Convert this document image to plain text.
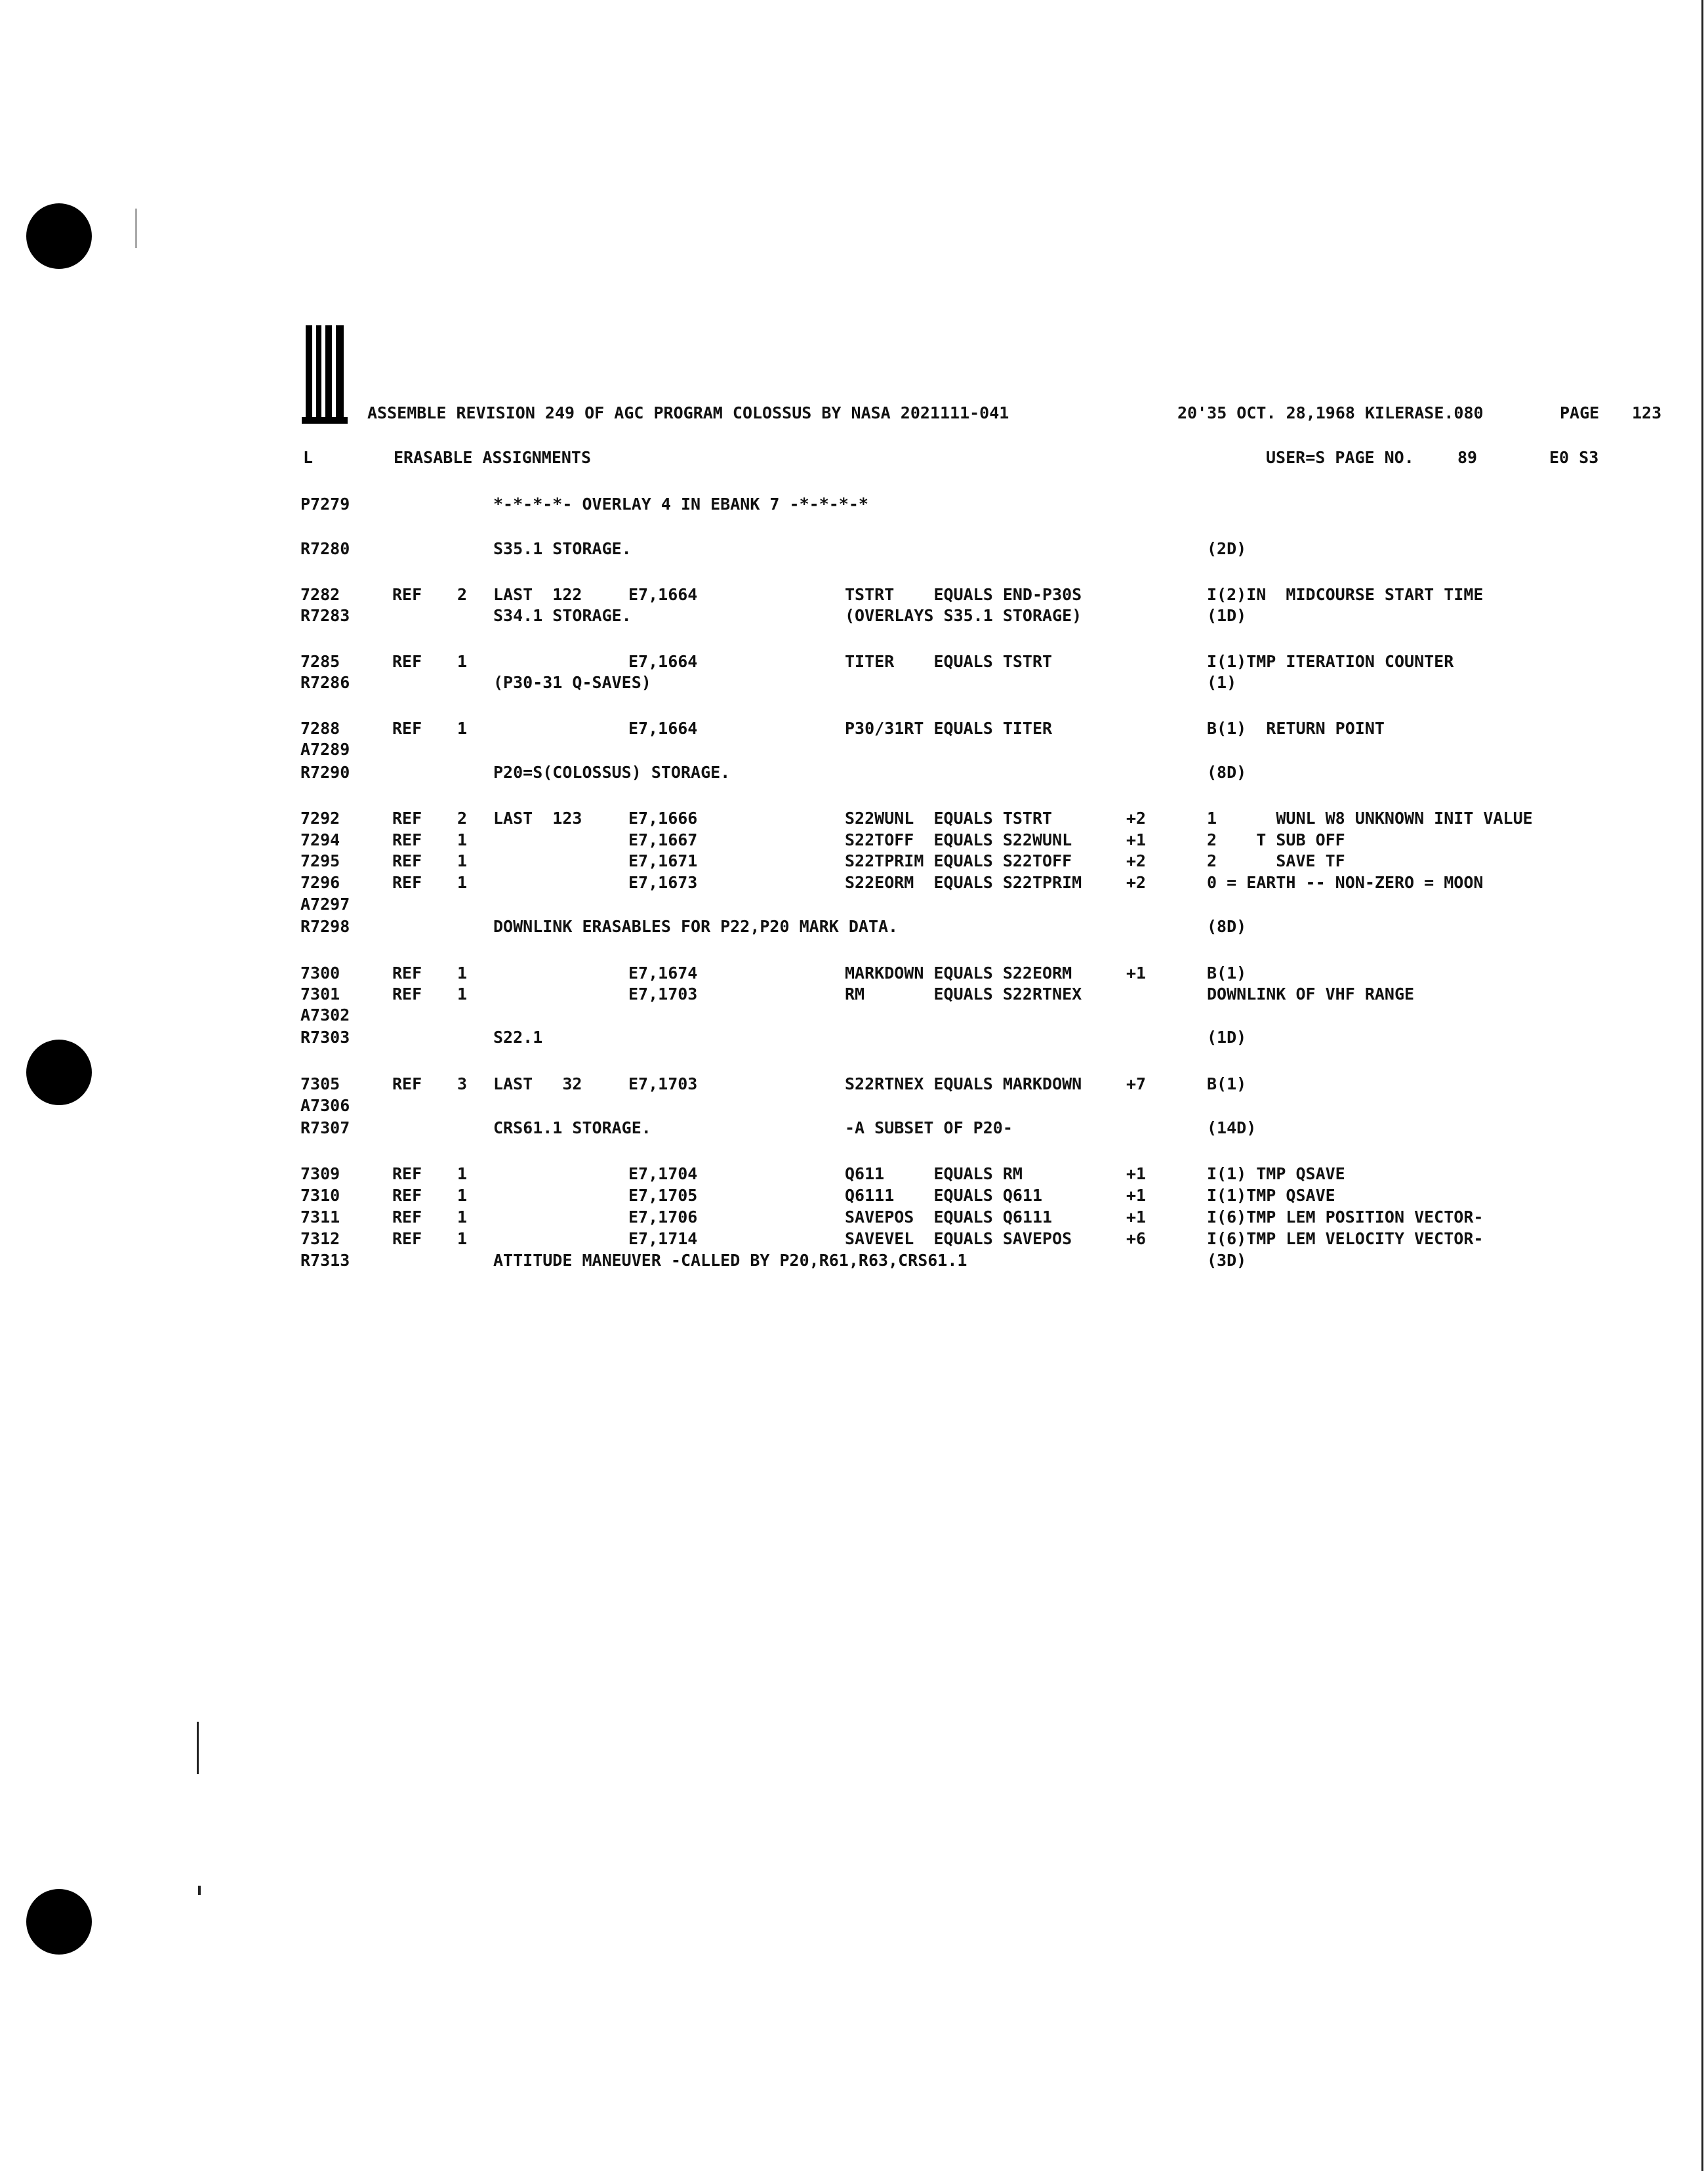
ASSEMBLE REVISION 249 OF AGC PROGRAM COLOSSUS BY NASA 2021111-041	20'35 OCT. 28,1968 KILERASE.080	PAGE 123
L	ERASABLE ASSIGNMENTS	USER=S PAGE NO.	89	E0 S3
P7279	*-*-*-*- OVERLAY 4 IN EBANK 7 -*-*-*-*
R7280	S35.1 STORAGE.	(2D)
7282	REF 2 LAST  122	E7,1664	TSTRT    EQUALS END-P30S	I(2)IN  MIDCOURSE START TIME
R7283	S34.1 STORAGE.	(OVERLAYS S35.1 STORAGE)	(1D)
7285	REF 1	E7,1664	TITER    EQUALS TSTRT	I(1)TMP ITERATION COUNTER
R7286	(P30-31 Q-SAVES)	(1)
7288	REF 1	E7,1664	P30/31RT EQUALS TITER	B(1)  RETURN POINT
A7289
R7290	P20=S(COLOSSUS) STORAGE.	(8D)
7292	REF 2 LAST  123	E7,1666	S22WUNL  EQUALS TSTRT	+2	1      WUNL W8 UNKNOWN INIT VALUE
7294	REF 1	E7,1667	S22TOFF  EQUALS S22WUNL	+1	2    T SUB OFF
7295	REF 1	E7,1671	S22TPRIM EQUALS S22TOFF	+2	2      SAVE TF
7296	REF 1	E7,1673	S22EORM  EQUALS S22TPRIM	+2	0 = EARTH -- NON-ZERO = MOON
A7297
R7298	DOWNLINK ERASABLES FOR P22,P20 MARK DATA.	(8D)
7300	REF 1	E7,1674	MARKDOWN EQUALS S22EORM	+1	B(1)
7301	REF 1	E7,1703	RM       EQUALS S22RTNEX	DOWNLINK OF VHF RANGE
A7302
R7303	S22.1	(1D)
7305	REF 3 LAST   32	E7,1703	S22RTNEX EQUALS MARKDOWN	+7	B(1)
A7306
R7307	CRS61.1 STORAGE.	-A SUBSET OF P20-	(14D)
7309	REF 1	E7,1704	Q611     EQUALS RM	+1	I(1) TMP QSAVE
7310	REF 1	E7,1705	Q6111    EQUALS Q611	+1	I(1)TMP QSAVE
7311	REF 1	E7,1706	SAVEPOS  EQUALS Q6111	+1	I(6)TMP LEM POSITION VECTOR-
7312	REF 1	E7,1714	SAVEVEL  EQUALS SAVEPOS	+6	I(6)TMP LEM VELOCITY VECTOR-
R7313	ATTITUDE MANEUVER -CALLED BY P20,R61,R63,CRS61.1	(3D)
